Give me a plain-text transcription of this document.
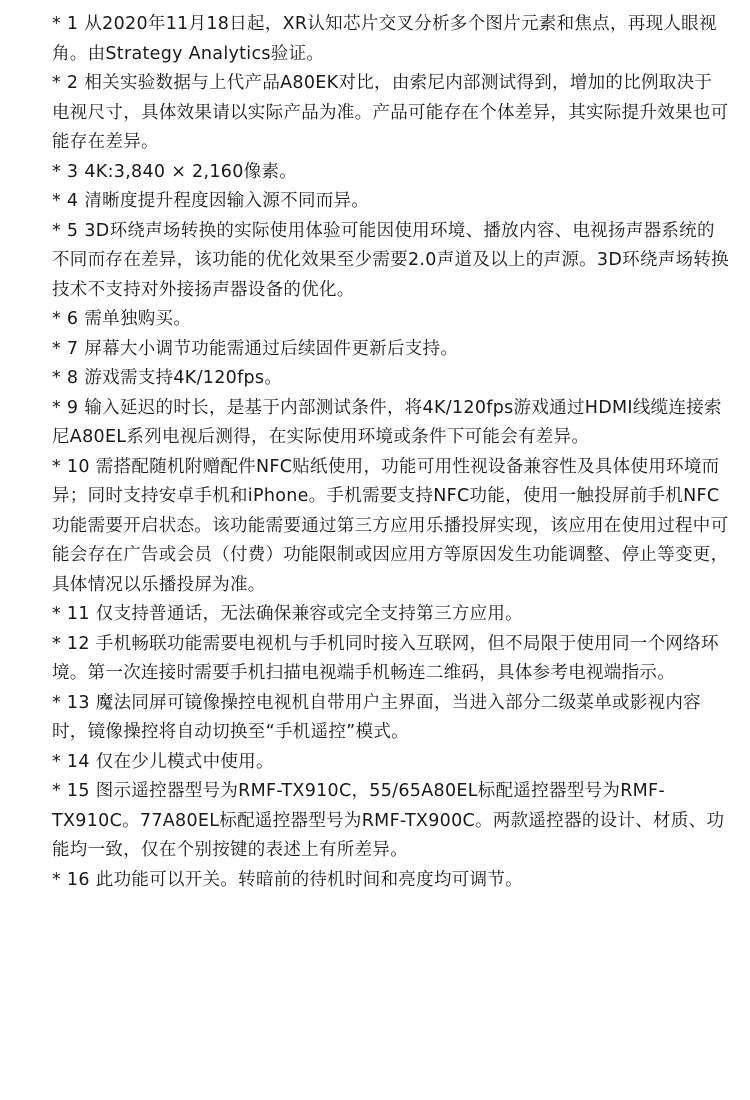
* 1 从2020年11月18日起，XR认知芯片交叉分析多个图片元素和焦点，再现人眼视角。由Strategy Analytics验证。
* 2 相关实验数据与上代产品A80EK对比，由索尼内部测试得到，增加的比例取决于电视尺寸，具体效果请以实际产品为准。产品可能存在个体差异，其实际提升效果也可能存在差异。
* 3 4K:3,840 × 2,160像素。
* 4 清晰度提升程度因输入源不同而异。
* 5 3D环绕声场转换的实际使用体验可能因使用环境、播放内容、电视扬声器系统的不同而存在差异，该功能的优化效果至少需要2.0声道及以上的声源。3D环绕声场转换技术不支持对外接扬声器设备的优化。
* 6 需单独购买。
* 7 屏幕大小调节功能需通过后续固件更新后支持。
* 8 游戏需支持4K/120fps。
* 9 输入延迟的时长，是基于内部测试条件，将4K/120fps游戏通过HDMI线缆连接索尼A80EL系列电视后测得，在实际使用环境或条件下可能会有差异。
* 10 需搭配随机附赠配件NFC贴纸使用，功能可用性视设备兼容性及具体使用环境而异；同时支持安卓手机和iPhone。手机需要支持NFC功能，使用一触投屏前手机NFC功能需要开启状态。该功能需要通过第三方应用乐播投屏实现，该应用在使用过程中可能会存在广告或会员（付费）功能限制或因应用方等原因发生功能调整、停止等变更，具体情况以乐播投屏为准。
* 11 仅支持普通话，无法确保兼容或完全支持第三方应用。
* 12 手机畅联功能需要电视机与手机同时接入互联网，但不局限于使用同一个网络环境。第一次连接时需要手机扫描电视端手机畅连二维码，具体参考电视端指示。
* 13 魔法同屏可镜像操控电视机自带用户主界面，当进入部分二级菜单或影视内容时，镜像操控将自动切换至“手机遥控”模式。
* 14 仅在少儿模式中使用。
* 15 图示遥控器型号为RMF-TX910C，55/65A80EL标配遥控器型号为RMF-TX910C。77A80EL标配遥控器型号为RMF-TX900C。两款遥控器的设计、材质、功能均一致，仅在个别按键的表述上有所差异。
* 16 此功能可以开关。转暗前的待机时间和亮度均可调节。
